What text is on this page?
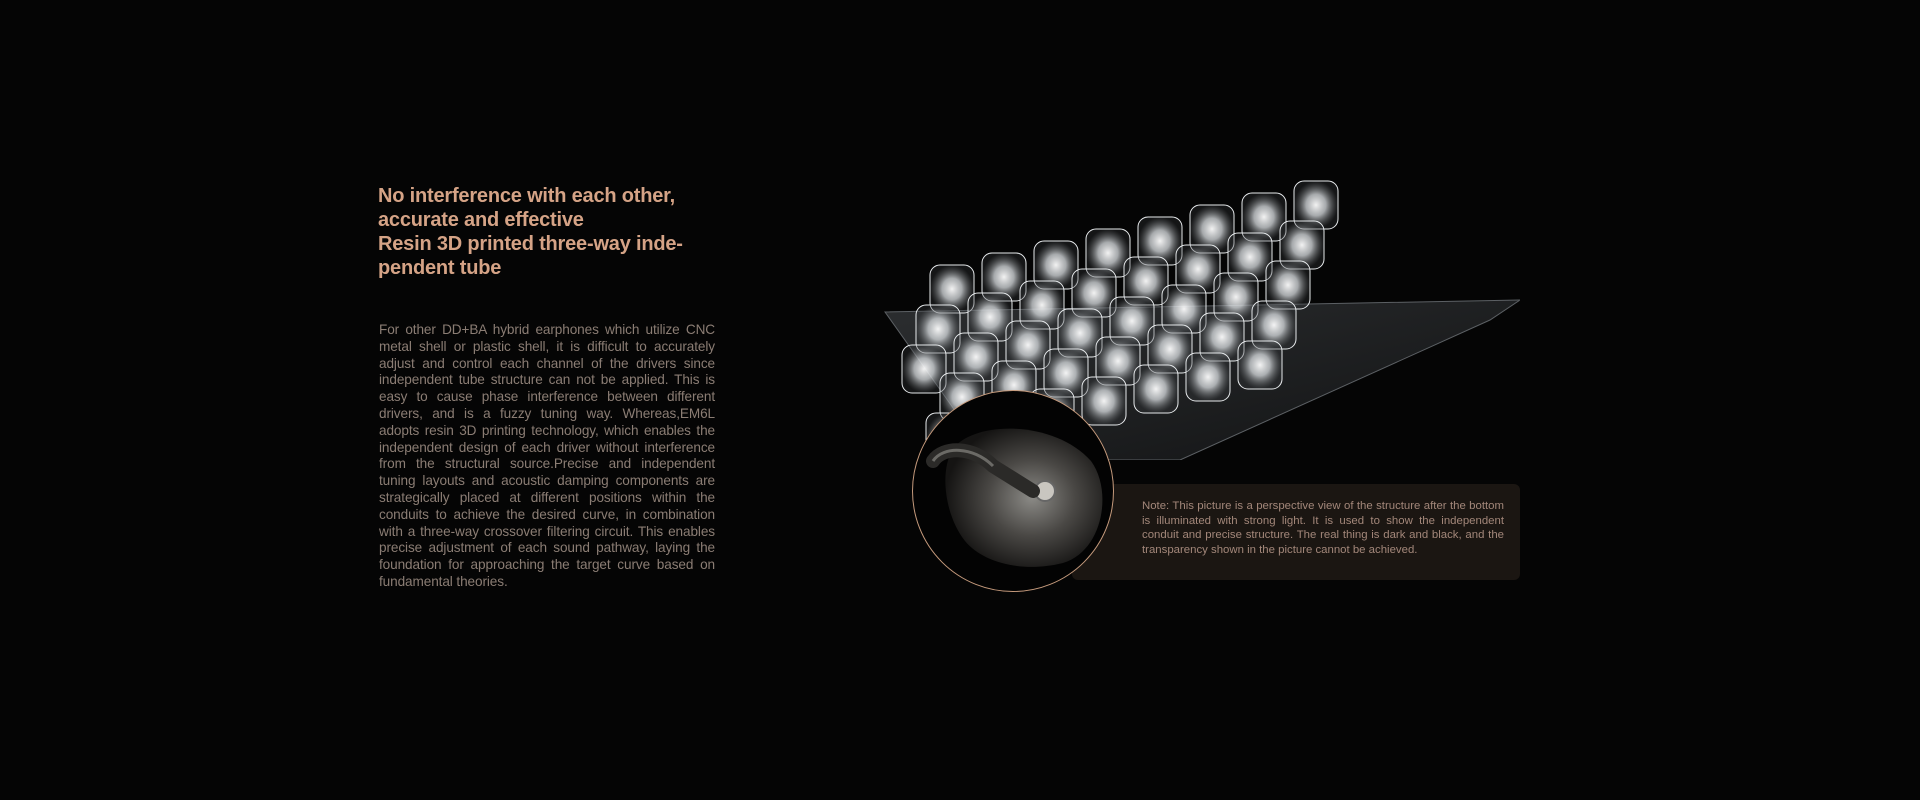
No interference with each other,
accurate and effective
Resin 3D printed three-way inde-
pendent tube

For other DD+BA hybrid earphones which utilize CNC metal shell or plastic shell, it is difficult to accurately adjust and control each channel of the drivers since independent tube structure can not be applied. This is easy to cause phase interference between different drivers, and is a fuzzy tuning way. Whereas,EM6L adopts resin 3D printing technology, which enables the independent design of each driver without interference from the structural source.Precise and independent tuning layouts and acoustic damping components are strategically placed at different positions within the conduits to achieve the desired curve, in combination with a three-way crossover filtering circuit. This enables precise adjustment of each sound pathway, laying the foundation for approaching the target curve based on fundamental theories.

Note: This picture is a perspective view of the structure after the bottom is illuminated with strong light. It is used to show the independent conduit and precise structure. The real thing is dark and black, and the transparency shown in the picture cannot be achieved.
